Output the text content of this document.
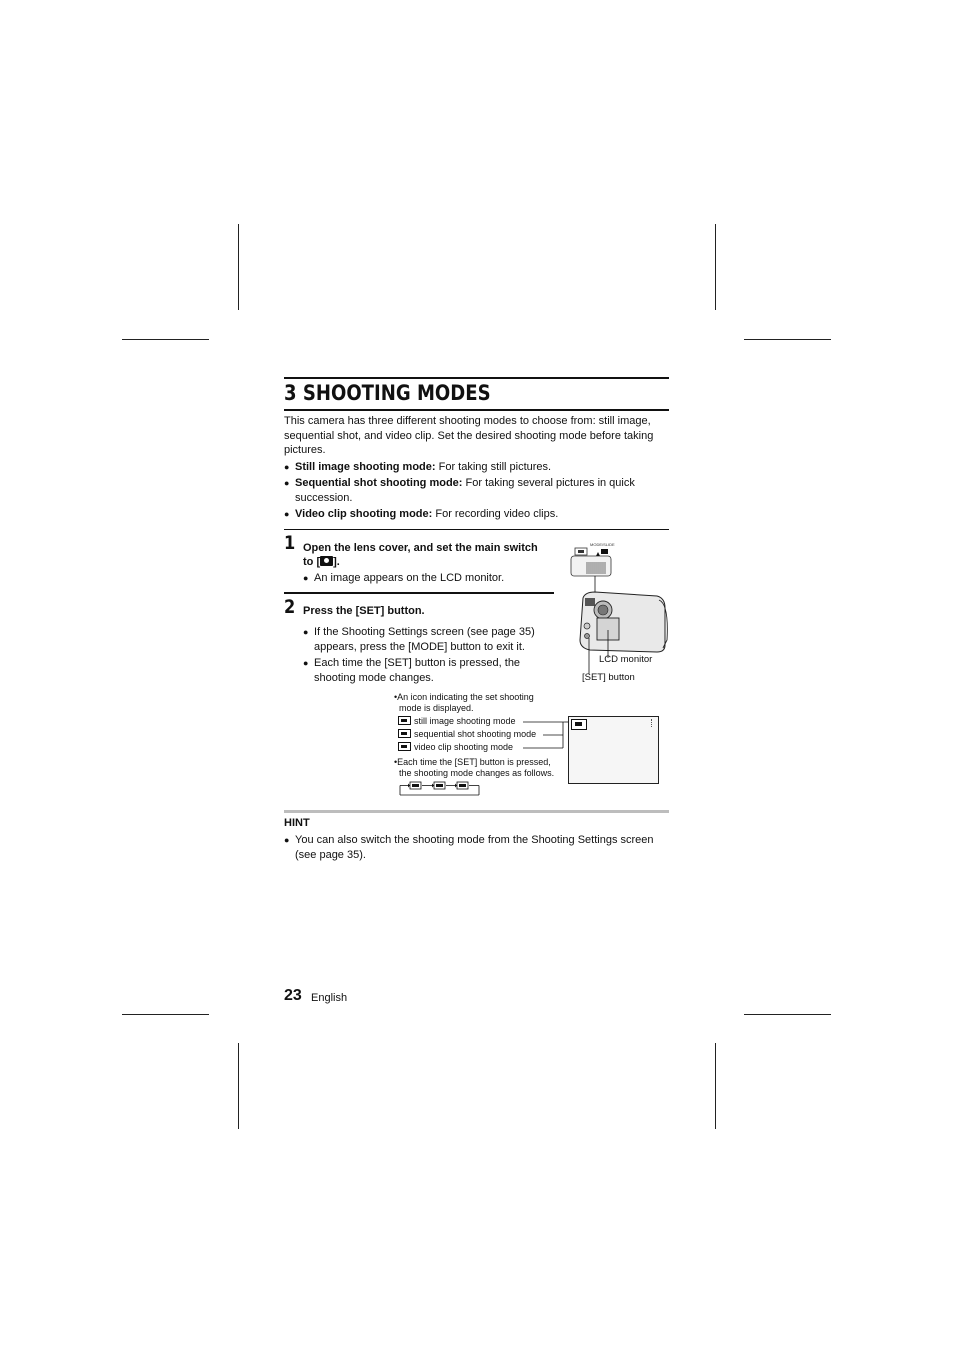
3 SHOOTING MODES
This camera has three different shooting modes to choose from: still image, sequential shot, and video clip. Set the desired shooting mode before taking pictures.
● Still image shooting mode: For taking still pictures.
● Sequential shot shooting mode: For taking several pictures in quick succession.
● Video clip shooting mode: For recording video clips.
1 Open the lens cover, and set the main switch
to [ ].
● An image appears on the LCD monitor.
2 Press the [SET] button.
● If the Shooting Settings screen (see page 35) appears, press the [MODE] button to exit it.
● Each time the [SET] button is pressed, the shooting mode changes.
MODE/SLIDE
LCD monitor
[SET] button
•An icon indicating the set shooting
mode is displayed.
still image shooting mode
sequential shot shooting mode
video clip shooting mode
•Each time the [SET] button is pressed,
the shooting mode changes as follows.
HINT
● You can also switch the shooting mode from the Shooting Settings screen (see page 35).
23 English
